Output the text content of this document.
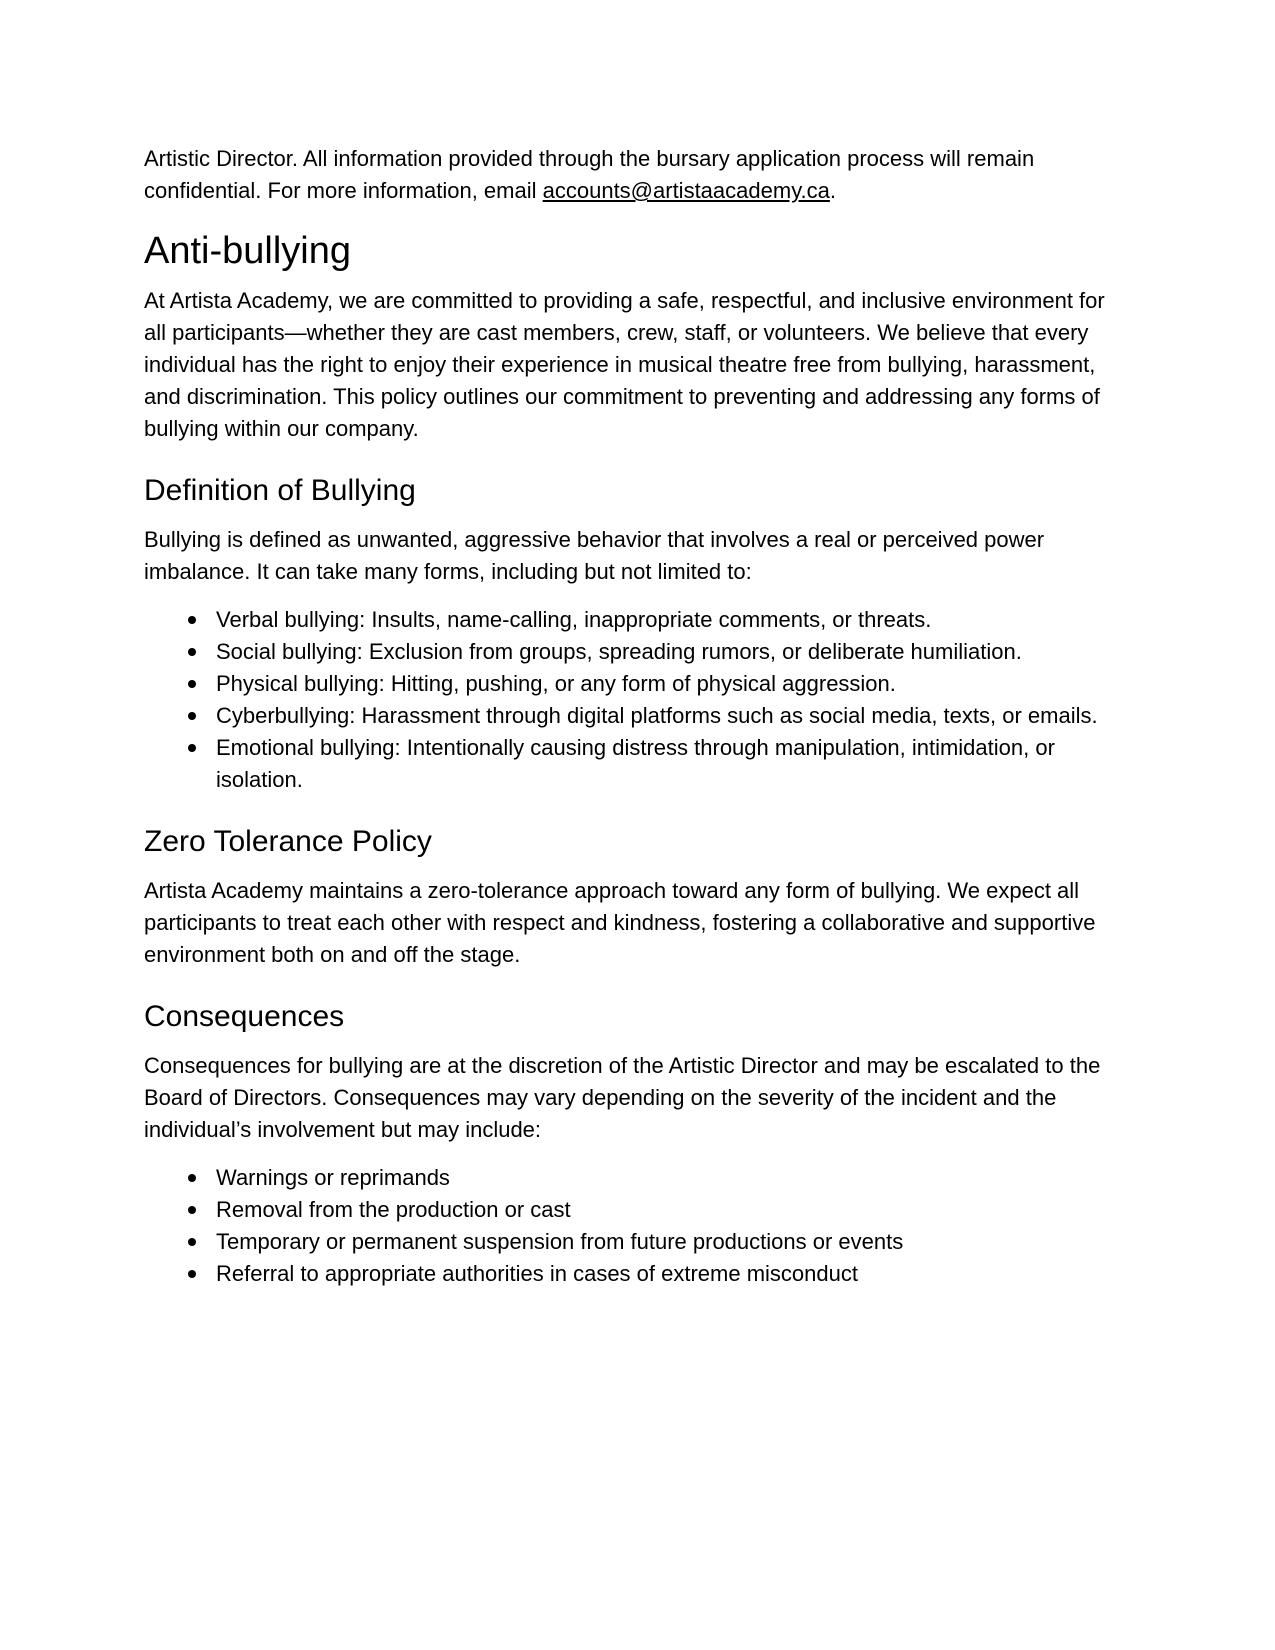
Artistic Director. All information provided through the bursary application process will remain confidential. For more information, email accounts@artistaacademy.ca.

Anti-bullying

At Artista Academy, we are committed to providing a safe, respectful, and inclusive environment for all participants—whether they are cast members, crew, staff, or volunteers. We believe that every individual has the right to enjoy their experience in musical theatre free from bullying, harassment, and discrimination. This policy outlines our commitment to preventing and addressing any forms of bullying within our company.

Definition of Bullying

Bullying is defined as unwanted, aggressive behavior that involves a real or perceived power imbalance. It can take many forms, including but not limited to:

Verbal bullying: Insults, name-calling, inappropriate comments, or threats.
Social bullying: Exclusion from groups, spreading rumors, or deliberate humiliation.
Physical bullying: Hitting, pushing, or any form of physical aggression.
Cyberbullying: Harassment through digital platforms such as social media, texts, or emails.
Emotional bullying: Intentionally causing distress through manipulation, intimidation, or isolation.
Zero Tolerance Policy

Artista Academy maintains a zero-tolerance approach toward any form of bullying. We expect all participants to treat each other with respect and kindness, fostering a collaborative and supportive environment both on and off the stage.

Consequences

Consequences for bullying are at the discretion of the Artistic Director and may be escalated to the Board of Directors. Consequences may vary depending on the severity of the incident and the individual’s involvement but may include:

Warnings or reprimands
Removal from the production or cast
Temporary or permanent suspension from future productions or events
Referral to appropriate authorities in cases of extreme misconduct
